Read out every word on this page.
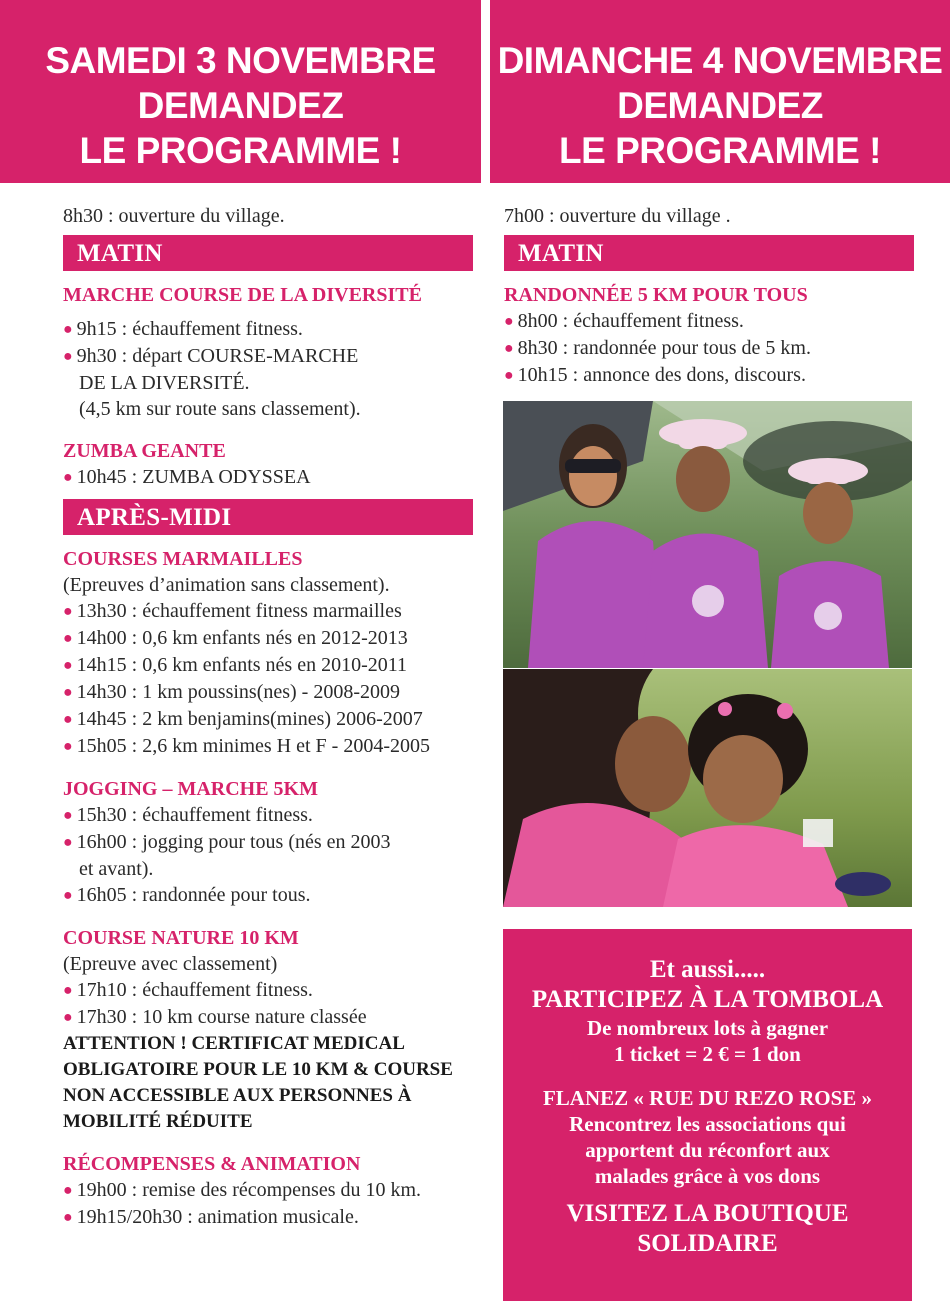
SAMEDI 3 NOVEMBRE
DEMANDEZ
LE PROGRAMME !
DIMANCHE 4 NOVEMBRE
DEMANDEZ
LE PROGRAMME !
8h30 : ouverture du village.
MATIN
MARCHE COURSE DE LA DIVERSITÉ
● 9h15 : échauffement fitness.
● 9h30 : départ COURSE-MARCHE
DE LA DIVERSITÉ.
(4,5 km sur route sans classement).
ZUMBA GEANTE
● 10h45 : ZUMBA ODYSSEA
APRÈS-MIDI
COURSES MARMAILLES
(Epreuves d’animation sans classement).
● 13h30 : échauffement fitness marmailles
● 14h00 : 0,6 km enfants nés en 2012-2013
● 14h15 : 0,6 km enfants nés en 2010-2011
● 14h30 : 1 km poussins(nes) - 2008-2009
● 14h45 : 2 km benjamins(mines) 2006-2007
● 15h05 : 2,6 km minimes H et F - 2004-2005
JOGGING – MARCHE 5KM
● 15h30 : échauffement fitness.
● 16h00 : jogging pour tous (nés en 2003
et avant).
● 16h05 : randonnée pour tous.
COURSE NATURE 10 KM
(Epreuve avec classement)
● 17h10 : échauffement fitness.
● 17h30 : 10 km course nature classée
ATTENTION ! CERTIFICAT MEDICAL
OBLIGATOIRE POUR LE 10 KM & COURSE
NON ACCESSIBLE AUX PERSONNES À
MOBILITÉ RÉDUITE
RÉCOMPENSES & ANIMATION
● 19h00 : remise des récompenses du 10 km.
● 19h15/20h30 : animation musicale.
7h00 : ouverture du village .
MATIN
RANDONNÉE 5 KM POUR TOUS
● 8h00 : échauffement fitness.
● 8h30 : randonnée pour tous de 5 km.
● 10h15 : annonce des dons, discours.
Et aussi.....
PARTICIPEZ À LA TOMBOLA
De nombreux lots à gagner
1 ticket = 2 € = 1 don
FLANEZ « RUE DU REZO ROSE »
Rencontrez les associations qui
apportent du réconfort aux
malades grâce à vos dons
VISITEZ LA BOUTIQUE
SOLIDAIRE
